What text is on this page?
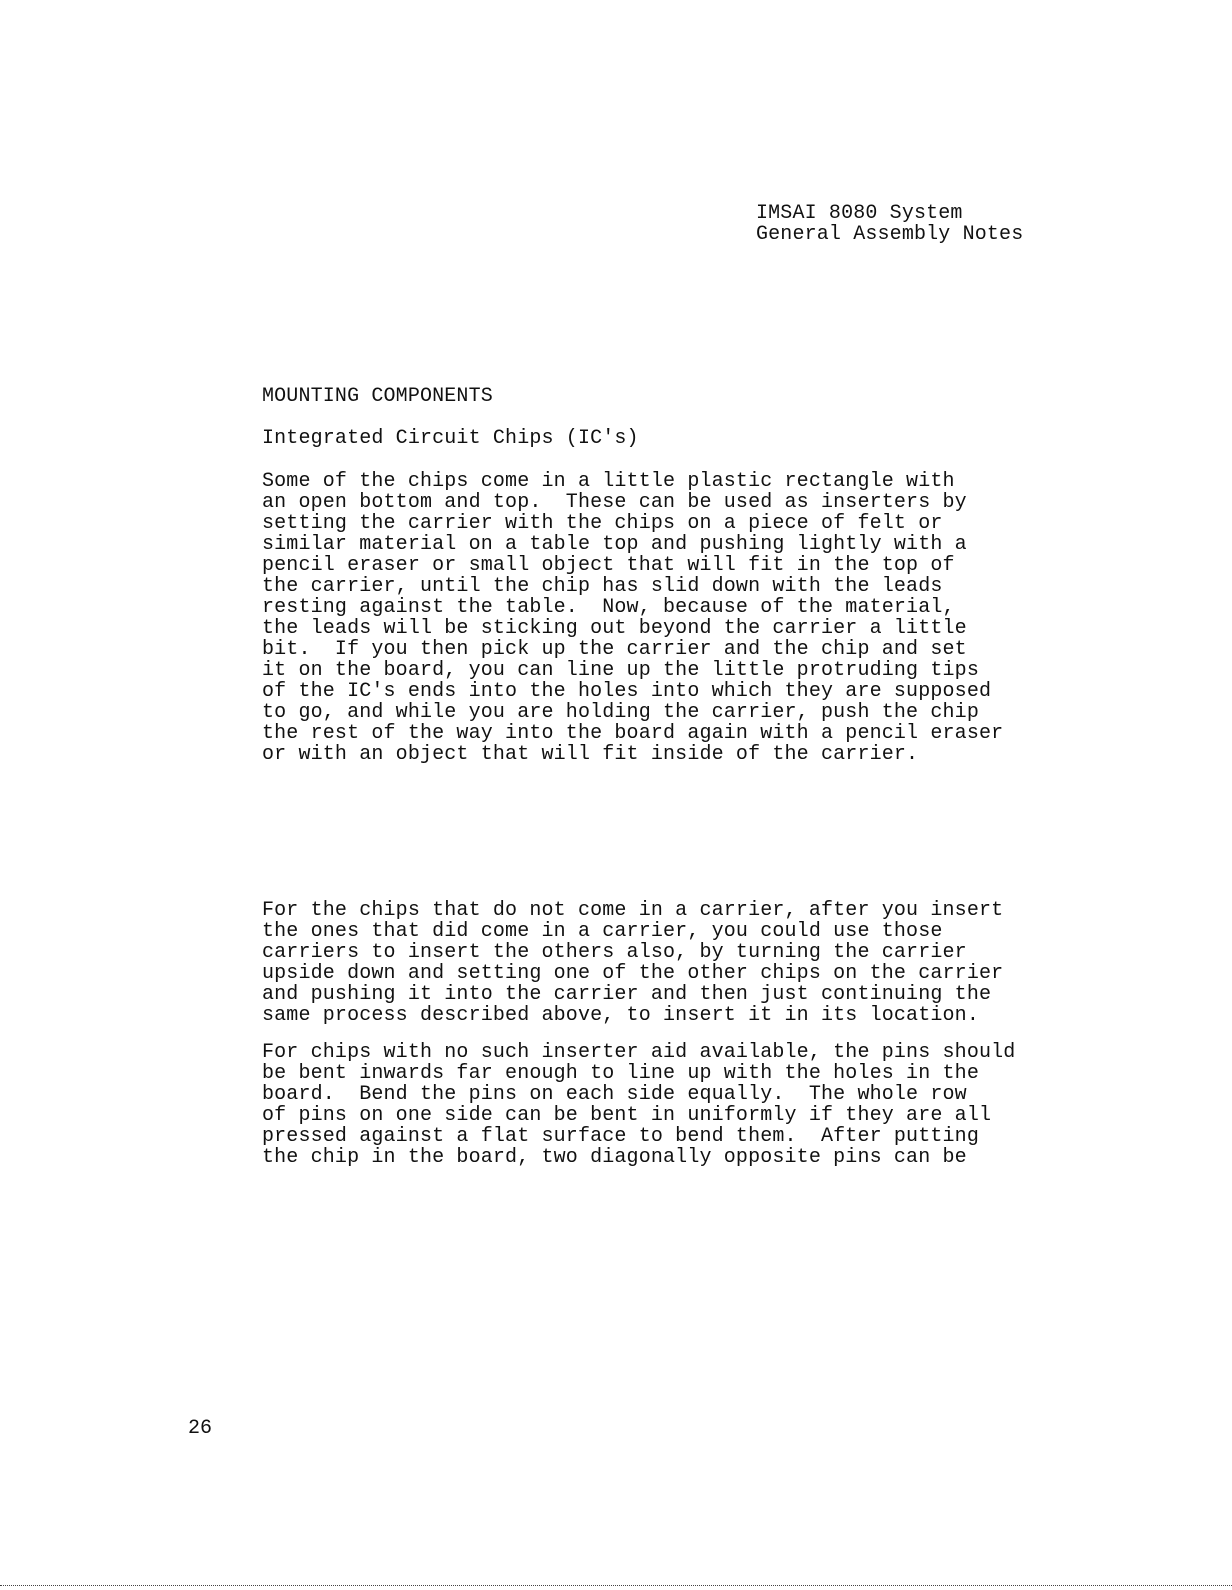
IMSAI 8080 System
General Assembly Notes
MOUNTING COMPONENTS
Integrated Circuit Chips (IC's)
Some of the chips come in a little plastic rectangle with
an open bottom and top.  These can be used as inserters by
setting the carrier with the chips on a piece of felt or
similar material on a table top and pushing lightly with a
pencil eraser or small object that will fit in the top of
the carrier, until the chip has slid down with the leads
resting against the table.  Now, because of the material,
the leads will be sticking out beyond the carrier a little
bit.  If you then pick up the carrier and the chip and set
it on the board, you can line up the little protruding tips
of the IC's ends into the holes into which they are supposed
to go, and while you are holding the carrier, push the chip
the rest of the way into the board again with a pencil eraser
or with an object that will fit inside of the carrier.
For the chips that do not come in a carrier, after you insert
the ones that did come in a carrier, you could use those
carriers to insert the others also, by turning the carrier
upside down and setting one of the other chips on the carrier
and pushing it into the carrier and then just continuing the
same process described above, to insert it in its location.
For chips with no such inserter aid available, the pins should
be bent inwards far enough to line up with the holes in the
board.  Bend the pins on each side equally.  The whole row
of pins on one side can be bent in uniformly if they are all
pressed against a flat surface to bend them.  After putting
the chip in the board, two diagonally opposite pins can be
26
